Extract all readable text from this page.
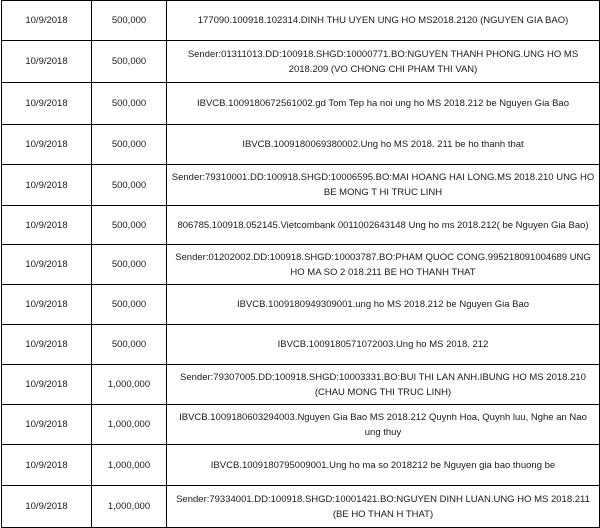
10/9/2018	500,000	177090.100918.102314.DINH THU UYEN UNG HO MS2018.2120 (NGUYEN GIA BAO)
10/9/2018	500,000	Sender:01311013.DD:100918.SHGD:10000771.BO:NGUYEN THANH PHONG.UNG HO MS 2018.209 (VO CHONG CHI PHAM THI VAN)
10/9/2018	500,000	IBVCB.1009180672561002.gd Tom Tep ha noi ung ho MS 2018.212 be Nguyen Gia Bao
10/9/2018	500,000	IBVCB.1009180069380002.Ung ho MS 2018. 211 be ho thanh that
10/9/2018	500,000	Sender:79310001.DD:100918.SHGD:10006595.BO:MAI HOANG HAI LONG.MS 2018.210 UNG HO BE MONG T HI TRUC LINH
10/9/2018	500,000	806785.100918.052145.Vietcombank 0011002643148 Ung ho ms 2018.212( be Nguyen Gia Bao)
10/9/2018	500,000	Sender:01202002.DD:100918.SHGD:10003787.BO:PHAM QUOC CONG.995218091004689 UNG HO MA SO 2 018.211 BE HO THANH THAT
10/9/2018	500,000	IBVCB.1009180949309001.ung ho MS 2018.212 be Nguyen Gia Bao
10/9/2018	500,000	IBVCB.1009180571072003.Ung ho MS 2018. 212
10/9/2018	1,000,000	Sender:79307005.DD:100918.SHGD:10003331.BO:BUI THI LAN ANH.IBUNG HO MS 2018.210 (CHAU MONG THI TRUC LINH)
10/9/2018	1,000,000	IBVCB.1009180603294003.Nguyen Gia Bao MS 2018.212 Quynh Hoa, Quynh luu, Nghe an Nao ung thuy
10/9/2018	1,000,000	IBVCB.1009180795009001.Ung ho ma so 2018212 be Nguyen gia bao thuong be
10/9/2018	1,000,000	Sender:79334001.DD:100918.SHGD:10001421.BO:NGUYEN DINH LUAN.UNG HO MS 2018.211 (BE HO THAN H THAT)
